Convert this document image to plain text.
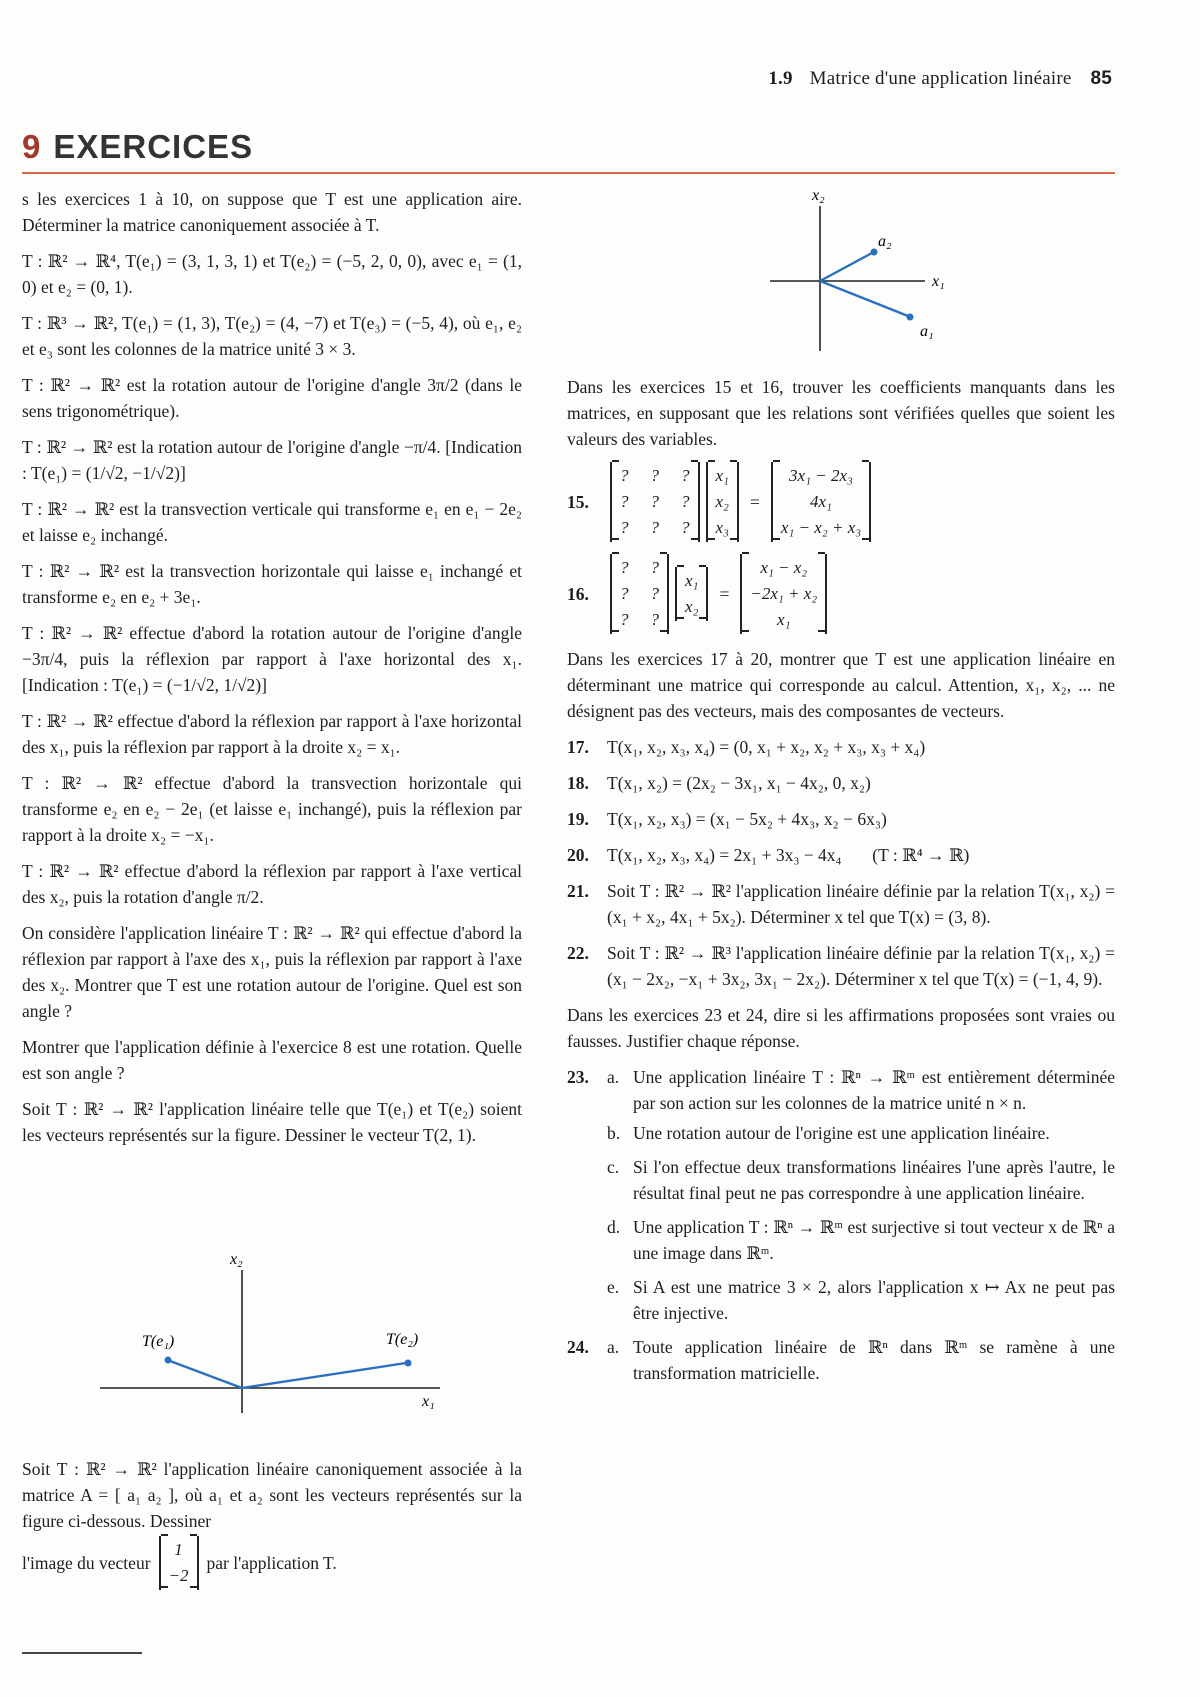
1.9 Matrice d'une application linéaire 85
9 EXERCICES

s les exercices 1 à 10, on suppose que T est une application aire. Déterminer la matrice canoniquement associée à T.

T : ℝ² → ℝ⁴, T(e₁) = (3, 1, 3, 1) et T(e₂) = (−5, 2, 0, 0), avec e₁ = (1, 0) et e₂ = (0, 1).

T : ℝ³ → ℝ², T(e₁) = (1, 3), T(e₂) = (4, −7) et T(e₃) = (−5, 4), où e₁, e₂ et e₃ sont les colonnes de la matrice unité 3 × 3.

T : ℝ² → ℝ² est la rotation autour de l'origine d'angle 3π/2 (dans le sens trigonométrique).

T : ℝ² → ℝ² est la rotation autour de l'origine d'angle −π/4. [Indication : T(e₁) = (1/√2, −1/√2)]

T : ℝ² → ℝ² est la transvection verticale qui transforme e₁ en e₁ − 2e₂ et laisse e₂ inchangé.

T : ℝ² → ℝ² est la transvection horizontale qui laisse e₁ inchangé et transforme e₂ en e₂ + 3e₁.

T : ℝ² → ℝ² effectue d'abord la rotation autour de l'origine d'angle −3π/4, puis la réflexion par rapport à l'axe horizontal des x₁. [Indication : T(e₁) = (−1/√2, 1/√2)]

T : ℝ² → ℝ² effectue d'abord la réflexion par rapport à l'axe horizontal des x₁, puis la réflexion par rapport à la droite x₂ = x₁.

T : ℝ² → ℝ² effectue d'abord la transvection horizontale qui transforme e₂ en e₂ − 2e₁ (et laisse e₁ inchangé), puis la réflexion par rapport à la droite x₂ = −x₁.

T : ℝ² → ℝ² effectue d'abord la réflexion par rapport à l'axe vertical des x₂, puis la rotation d'angle π/2.

On considère l'application linéaire T : ℝ² → ℝ² qui effectue d'abord la réflexion par rapport à l'axe des x₁, puis la réflexion par rapport à l'axe des x₂. Montrer que T est une rotation autour de l'origine. Quel est son angle ?

Montrer que l'application définie à l'exercice 8 est une rotation. Quelle est son angle ?

Soit T : ℝ² → ℝ² l'application linéaire telle que T(e₁) et T(e₂) soient les vecteurs représentés sur la figure. Dessiner le vecteur T(2, 1).

x₂
x₁
T(e₁)	T(e₂)
Soit T : ℝ² → ℝ² l'application linéaire canoniquement associée à la matrice A = [ a₁ a₂ ], où a₁ et a₂ sont les vecteurs représentés sur la figure ci-dessous. Dessiner
l'image du vecteur
1
−2
par l'application T.
x₂
x₁
a₂
a₁

Dans les exercices 15 et 16, trouver les coefficients manquants dans les matrices, en supposant que les relations sont vérifiées quelles que soient les valeurs des variables.

15.
? ? ?
? ? ?
? ? ?
x₁
x₂
x₃
=
3x₁ − 2x₃
4x₁
x₁ − x₂ + x₃
16.
? ?
? ?
? ?
x₁
x₂
=
x₁ − x₂
−2x₁ + x₂
x₁

Dans les exercices 17 à 20, montrer que T est une application linéaire en déterminant une matrice qui corresponde au calcul. Attention, x₁, x₂, ... ne désignent pas des vecteurs, mais des composantes de vecteurs.

17.	T(x₁, x₂, x₃, x₄) = (0, x₁ + x₂, x₂ + x₃, x₃ + x₄)
18.	T(x₁, x₂) = (2x₂ − 3x₁, x₁ − 4x₂, 0, x₂)
19.	T(x₁, x₂, x₃) = (x₁ − 5x₂ + 4x₃, x₂ − 6x₃)
20.	T(x₁, x₂, x₃, x₄) = 2x₁ + 3x₃ − 4x₄       (T : ℝ⁴ → ℝ)
21.	Soit T : ℝ² → ℝ² l'application linéaire définie par la relation T(x₁, x₂) = (x₁ + x₂, 4x₁ + 5x₂). Déterminer x tel que T(x) = (3, 8).
22.	Soit T : ℝ² → ℝ³ l'application linéaire définie par la relation T(x₁, x₂) = (x₁ − 2x₂, −x₁ + 3x₂, 3x₁ − 2x₂). Déterminer x tel que T(x) = (−1, 4, 9).

Dans les exercices 23 et 24, dire si les affirmations proposées sont vraies ou fausses. Justifier chaque réponse.

23.	a. Une application linéaire T : ℝⁿ → ℝᵐ est entièrement déterminée par son action sur les colonnes de la matrice unité n × n.
b. Une rotation autour de l'origine est une application linéaire.
c. Si l'on effectue deux transformations linéaires l'une après l'autre, le résultat final peut ne pas correspondre à une application linéaire.
d. Une application T : ℝⁿ → ℝᵐ est surjective si tout vecteur x de ℝⁿ a une image dans ℝᵐ.
e. Si A est une matrice 3 × 2, alors l'application x ↦ Ax ne peut pas être injective.
24.	a. Toute application linéaire de ℝⁿ dans ℝᵐ se ramène à une transformation matricielle.
